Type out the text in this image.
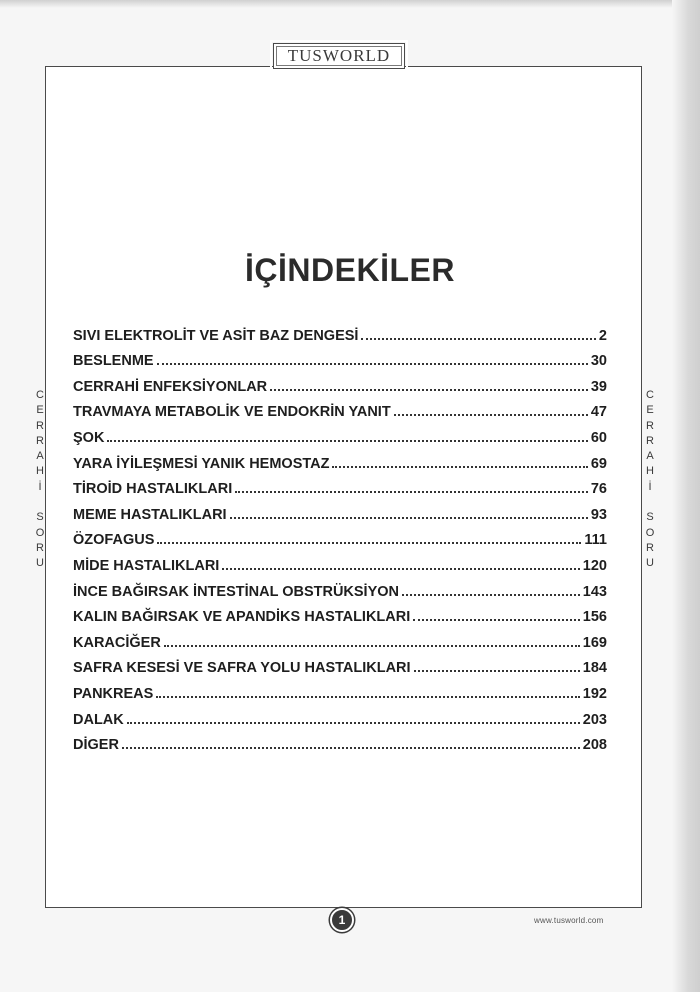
TUSWORLD
İÇİNDEKİLER
SIVI ELEKTROLİT VE ASİT BAZ DENGESİ	2
BESLENME	30
CERRAHİ ENFEKSİYONLAR	39
TRAVMAYA METABOLİK VE ENDOKRİN YANIT	47
ŞOK	60
YARA İYİLEŞMESİ YANIK HEMOSTAZ	69
TİROİD HASTALIKLARI	76
MEME HASTALIKLARI	93
ÖZOFAGUS	111
MİDE HASTALIKLARI	120
İNCE BAĞIRSAK İNTESTİNAL OBSTRÜKSİYON	143
KALIN BAĞIRSAK VE APANDİKS HASTALIKLARI	156
KARACİĞER	169
SAFRA KESESİ VE SAFRA YOLU HASTALIKLARI	184
PANKREAS	192
DALAK	203
DİGER	208
C
E
R
R
A
H
İ
S
O
R
U
C
E
R
R
A
H
İ
S
O
R
U
1	www.tusworld.com
